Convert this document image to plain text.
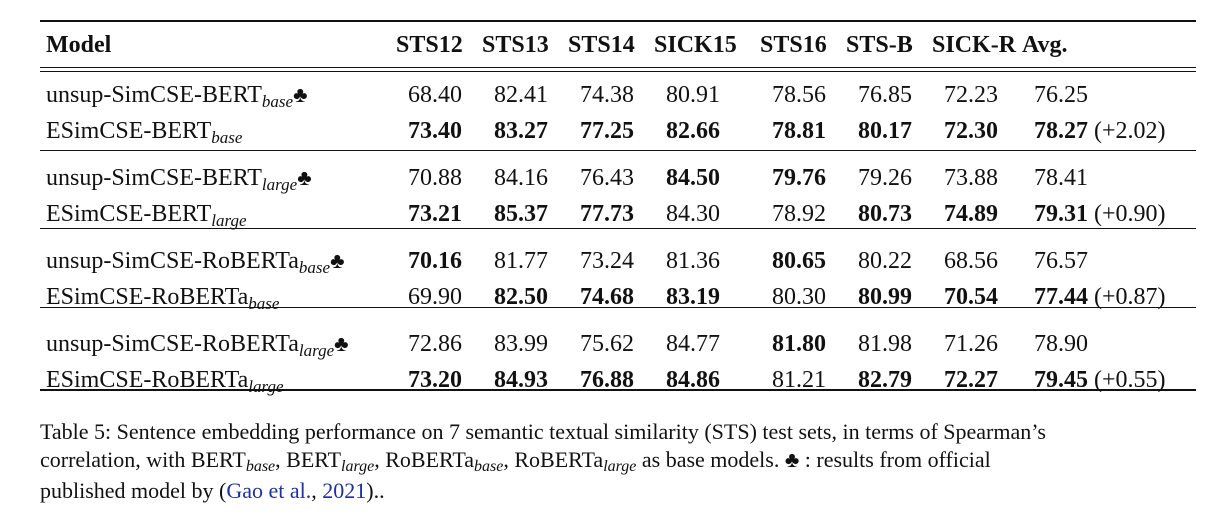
Model	STS12	STS13	STS14	SICK15	STS16	STS-B	SICK-R	Avg.
unsup-$SimCSE-BERT_{base}♣$	68.40	82.41	74.38	80.91	78.56	76.85	72.23	76.25
ESimCSE-$BERT_{base}$	73.40	83.27	77.25	82.66	78.81	80.17	72.30	78.27 (+2.02)
unsup-$SimCSE-BERT_{large}♣$	70.88	84.16	76.43	84.50	79.76	79.26	73.88	78.41
ESimCSE-$BERT_{large}$	73.21	85.37	77.73	84.30	78.92	80.73	74.89	79.31 (+0.90)
unsup-SimCSE-RoBERTa$_{base}$♣	70.16	81.77	73.24	81.36	80.65	80.22	68.56	76.57
ESimCSE-RoBERTa$_{base}$	69.90	82.50	74.68	83.19	80.30	80.99	70.54	77.44 (+0.87)
unsup-SimCSE-RoBERTa$_{large}$♣	72.86	83.99	75.62	84.77	81.80	81.98	71.26	78.90
ESimCSE-RoBERTa$_{large}$	73.20	84.93	76.88	84.86	81.21	82.79	72.27	79.45 (+0.55)
Table 5: Sentence embedding performance on 7 semantic textual similarity (STS) test sets, in terms of Spearman’s
correlation, with BERTbase, BERTlarge, RoBERTabase, RoBERTalarge as base models. ♣ : results from official
published model by (Gao et al., 2021)..
